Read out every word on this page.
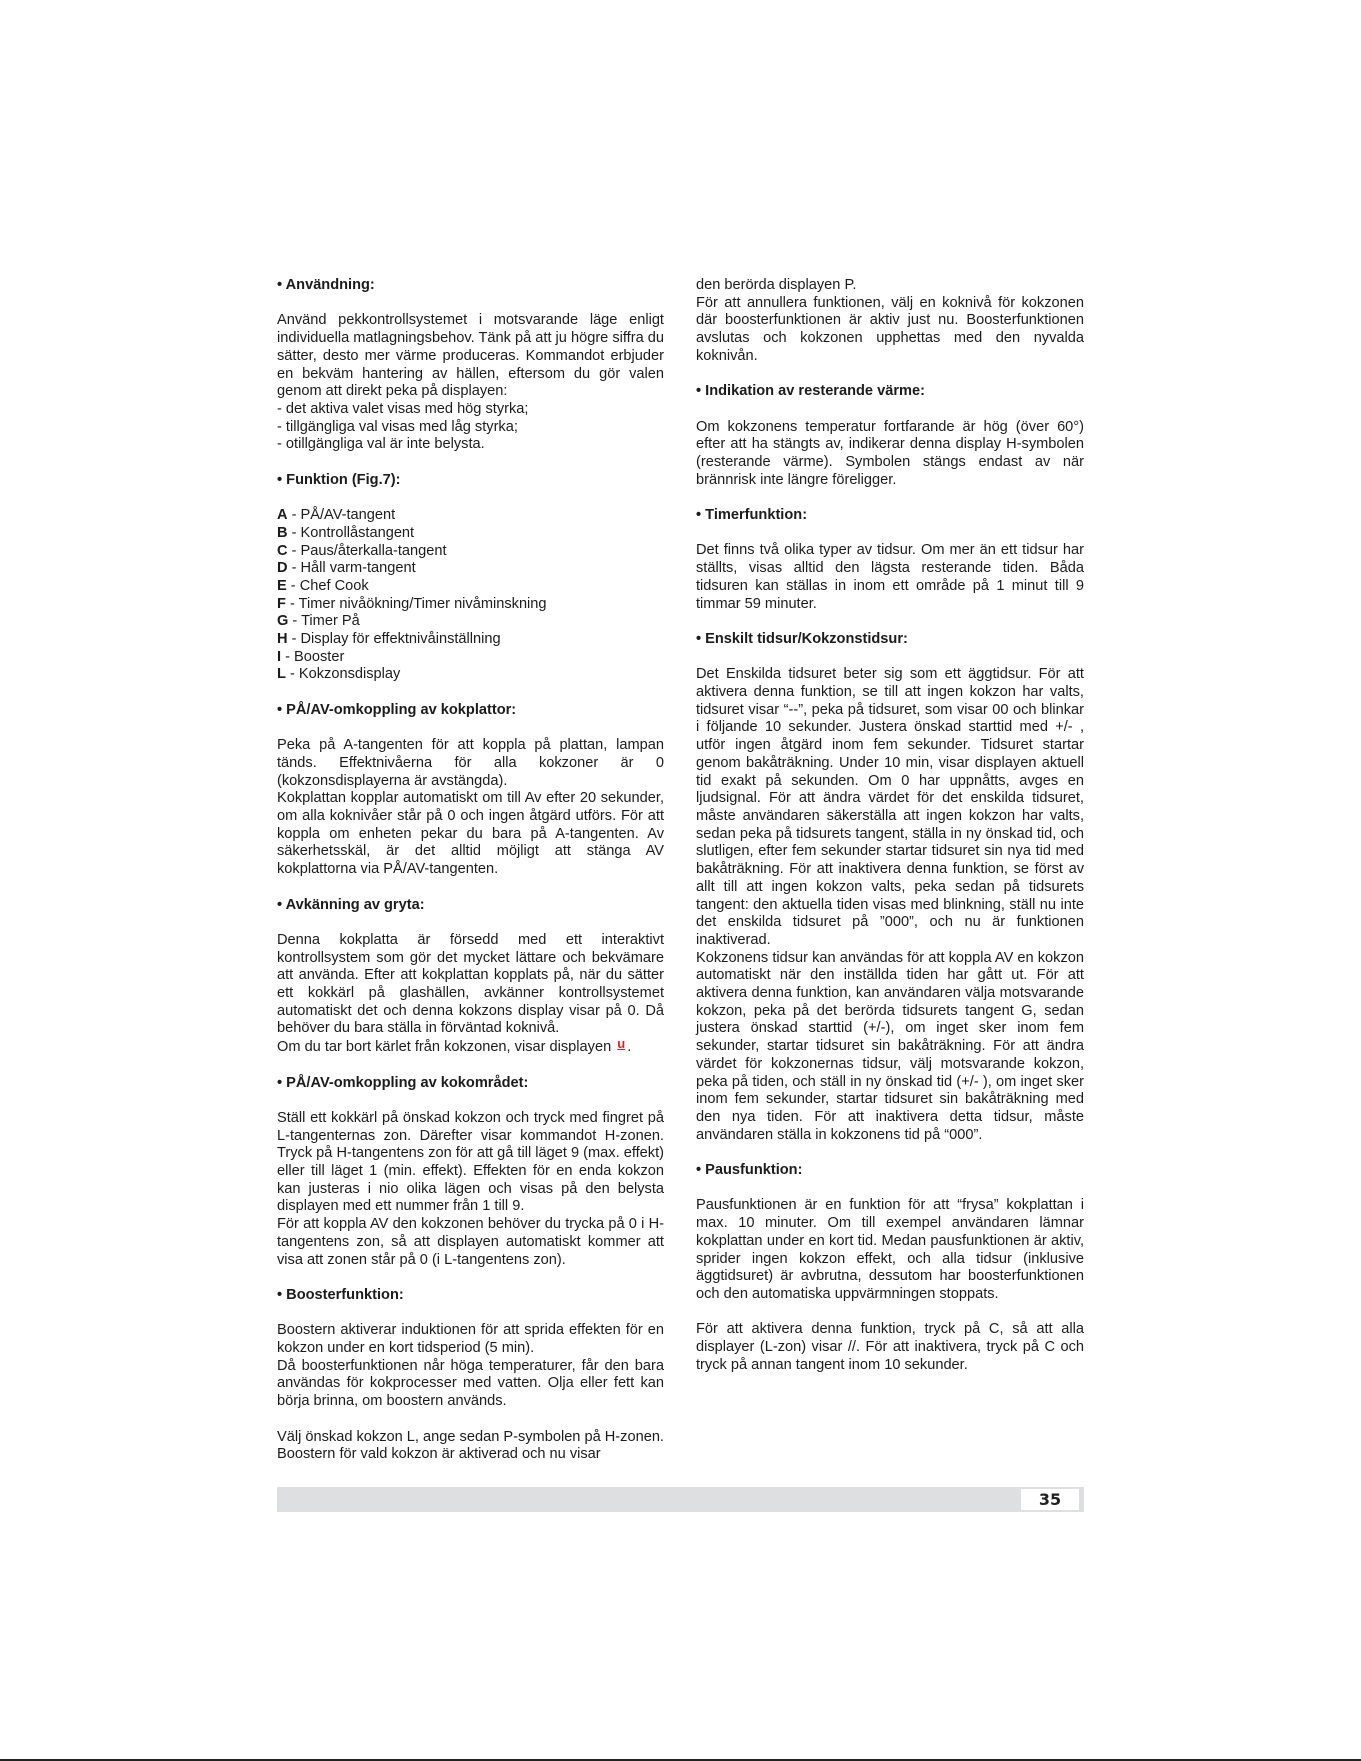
• Användning:

Använd pekkontrollsystemet i motsvarande läge enligt individuella matlagningsbehov. Tänk på att ju högre siffra du sätter, desto mer värme produceras. Kommandot erbjuder en bekväm hantering av hällen, eftersom du gör valen genom att direkt peka på displayen:

- det aktiva valet visas med hög styrka;

- tillgängliga val visas med låg styrka;

- otillgängliga val är inte belysta.

• Funktion (Fig.7):

A - PÅ/AV-tangent
B - Kontrollåstangent
C - Paus/återkalla-tangent
D - Håll varm-tangent
E - Chef Cook
F - Timer nivåökning/Timer nivåminskning
G - Timer På
H - Display för effektnivåinställning
I - Booster
L - Kokzonsdisplay

• PÅ/AV-omkoppling av kokplattor:

Peka på A-tangenten för att koppla på plattan, lampan tänds. Effektnivåerna för alla kokzoner är 0 (kokzonsdisplayerna är avstängda).

Kokplattan kopplar automatiskt om till Av efter 20 sekunder, om alla koknivåer står på 0 och ingen åtgärd utförs. För att koppla om enheten pekar du bara på A-tangenten. Av säkerhetsskäl, är det alltid möjligt att stänga AV kokplattorna via PÅ/AV-tangenten.

• Avkänning av gryta:

Denna kokplatta är försedd med ett interaktivt kontrollsystem som gör det mycket lättare och bekvämare att använda. Efter att kokplattan kopplats på, när du sätter ett kokkärl på glashällen, avkänner kontrollsystemet automatiskt det och denna kokzons display visar på 0. Då behöver du bara ställa in förväntad koknivå.

Om du tar bort kärlet från kokzonen, visar displayen u .

• PÅ/AV-omkoppling av kokområdet:

Ställ ett kokkärl på önskad kokzon och tryck med fingret på L-tangenternas zon. Därefter visar kommandot H-zonen. Tryck på H-tangentens zon för att gå till läget 9 (max. effekt) eller till läget 1 (min. effekt). Effekten för en enda kokzon kan justeras i nio olika lägen och visas på den belysta displayen med ett nummer från 1 till 9.

För att koppla AV den kokzonen behöver du trycka på 0 i H-tangentens zon, så att displayen automatiskt kommer att visa att zonen står på 0 (i L-tangentens zon).

• Boosterfunktion:

Boostern aktiverar induktionen för att sprida effekten för en kokzon under en kort tidsperiod (5 min).

Då boosterfunktionen når höga temperaturer, får den bara användas för kokprocesser med vatten. Olja eller fett kan börja brinna, om boostern används.

Välj önskad kokzon L, ange sedan P-symbolen på H-zonen. Boostern för vald kokzon är aktiverad och nu visar

den berörda displayen P.

För att annullera funktionen, välj en koknivå för kokzonen där boosterfunktionen är aktiv just nu. Boosterfunktionen avslutas och kokzonen upphettas med den nyvalda koknivån.

• Indikation av resterande värme:

Om kokzonens temperatur fortfarande är hög (över 60°) efter att ha stängts av, indikerar denna display H-symbolen (resterande värme). Symbolen stängs endast av när brännrisk inte längre föreligger.

• Timerfunktion:

Det finns två olika typer av tidsur. Om mer än ett tidsur har ställts, visas alltid den lägsta resterande tiden. Båda tidsuren kan ställas in inom ett område på 1 minut till 9 timmar 59 minuter.

• Enskilt tidsur/Kokzonstidsur:

Det Enskilda tidsuret beter sig som ett äggtidsur. För att aktivera denna funktion, se till att ingen kokzon har valts, tidsuret visar “--”, peka på tidsuret, som visar 00 och blinkar i följande 10 sekunder. Justera önskad starttid med +/- , utför ingen åtgärd inom fem sekunder. Tidsuret startar genom bakåträkning. Under 10 min, visar displayen aktuell tid exakt på sekunden. Om 0 har uppnåtts, avges en ljudsignal. För att ändra värdet för det enskilda tidsuret, måste användaren säkerställa att ingen kokzon har valts, sedan peka på tidsurets tangent, ställa in ny önskad tid, och slutligen, efter fem sekunder startar tidsuret sin nya tid med bakåträkning. För att inaktivera denna funktion, se först av allt till att ingen kokzon valts, peka sedan på tidsurets tangent: den aktuella tiden visas med blinkning, ställ nu inte det enskilda tidsuret på ”000”, och nu är funktionen inaktiverad.

Kokzonens tidsur kan användas för att koppla AV en kokzon automatiskt när den inställda tiden har gått ut. För att aktivera denna funktion, kan användaren välja motsvarande kokzon, peka på det berörda tidsurets tangent G, sedan justera önskad starttid (+/-), om inget sker inom fem sekunder, startar tidsuret sin bakåträkning. För att ändra värdet för kokzonernas tidsur, välj motsvarande kokzon, peka på tiden, och ställ in ny önskad tid (+/- ), om inget sker inom fem sekunder, startar tidsuret sin bakåträkning med den nya tiden. För att inaktivera detta tidsur, måste användaren ställa in kokzonens tid på “000”.

• Pausfunktion:

Pausfunktionen är en funktion för att “frysa” kokplattan i max. 10 minuter. Om till exempel användaren lämnar kokplattan under en kort tid. Medan pausfunktionen är aktiv, sprider ingen kokzon effekt, och alla tidsur (inklusive äggtidsuret) är avbrutna, dessutom har boosterfunktionen och den automatiska uppvärmningen stoppats.

För att aktivera denna funktion, tryck på C, så att alla displayer (L-zon) visar //. För att inaktivera, tryck på C och tryck på annan tangent inom 10 sekunder.

35
